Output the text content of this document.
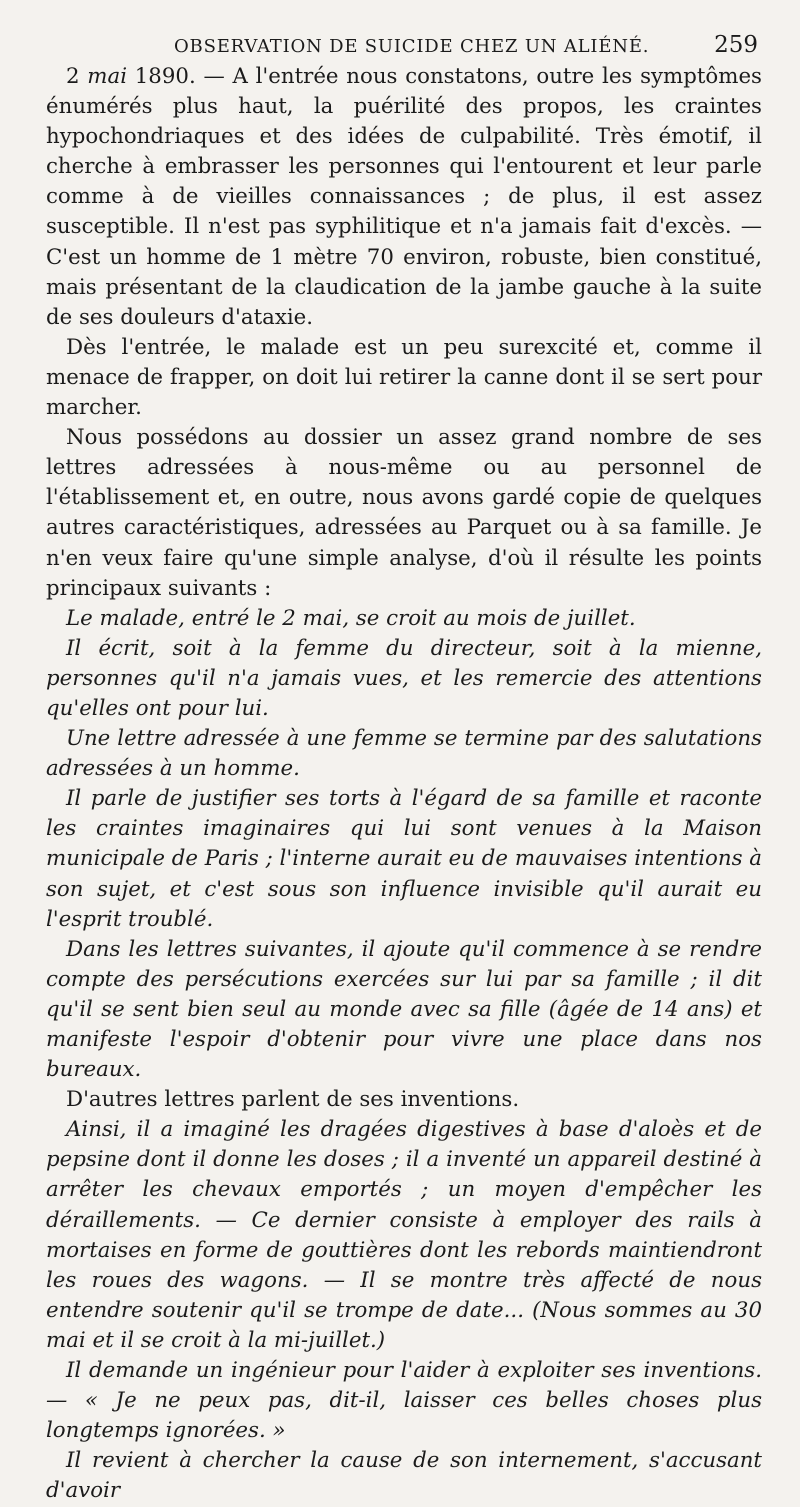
OBSERVATION DE SUICIDE CHEZ UN ALIÉNÉ.	259

2 mai 1890. — A l'entrée nous constatons, outre les symptômes énumérés plus haut, la puérilité des propos, les craintes hypochondriaques et des idées de culpabilité. Très émotif, il cherche à embrasser les personnes qui l'entourent et leur parle comme à de vieilles connaissances ; de plus, il est assez susceptible. Il n'est pas syphilitique et n'a jamais fait d'excès. — C'est un homme de 1 mètre 70 environ, robuste, bien constitué, mais présentant de la claudication de la jambe gauche à la suite de ses douleurs d'ataxie.

Dès l'entrée, le malade est un peu surexcité et, comme il menace de frapper, on doit lui retirer la canne dont il se sert pour marcher.

Nous possédons au dossier un assez grand nombre de ses lettres adressées à nous-même ou au personnel de l'établissement et, en outre, nous avons gardé copie de quelques autres caractéristiques, adressées au Parquet ou à sa famille. Je n'en veux faire qu'une simple analyse, d'où il résulte les points principaux suivants :

Le malade, entré le 2 mai, se croit au mois de juillet.

Il écrit, soit à la femme du directeur, soit à la mienne, personnes qu'il n'a jamais vues, et les remercie des attentions qu'elles ont pour lui.

Une lettre adressée à une femme se termine par des salutations adressées à un homme.

Il parle de justifier ses torts à l'égard de sa famille et raconte les craintes imaginaires qui lui sont venues à la Maison municipale de Paris ; l'interne aurait eu de mauvaises intentions à son sujet, et c'est sous son influence invisible qu'il aurait eu l'esprit troublé.

Dans les lettres suivantes, il ajoute qu'il commence à se rendre compte des persécutions exercées sur lui par sa famille ; il dit qu'il se sent bien seul au monde avec sa fille (âgée de 14 ans) et manifeste l'espoir d'obtenir pour vivre une place dans nos bureaux.

D'autres lettres parlent de ses inventions.

Ainsi, il a imaginé les dragées digestives à base d'aloès et de pepsine dont il donne les doses ; il a inventé un appareil destiné à arrêter les chevaux emportés ; un moyen d'empêcher les déraillements. — Ce dernier consiste à employer des rails à mortaises en forme de gouttières dont les rebords maintiendront les roues des wagons. — Il se montre très affecté de nous entendre soutenir qu'il se trompe de date... (Nous sommes au 30 mai et il se croit à la mi-juillet.)

Il demande un ingénieur pour l'aider à exploiter ses inventions. — « Je ne peux pas, dit-il, laisser ces belles choses plus longtemps ignorées. »

Il revient à chercher la cause de son internement, s'accusant d'avoir
